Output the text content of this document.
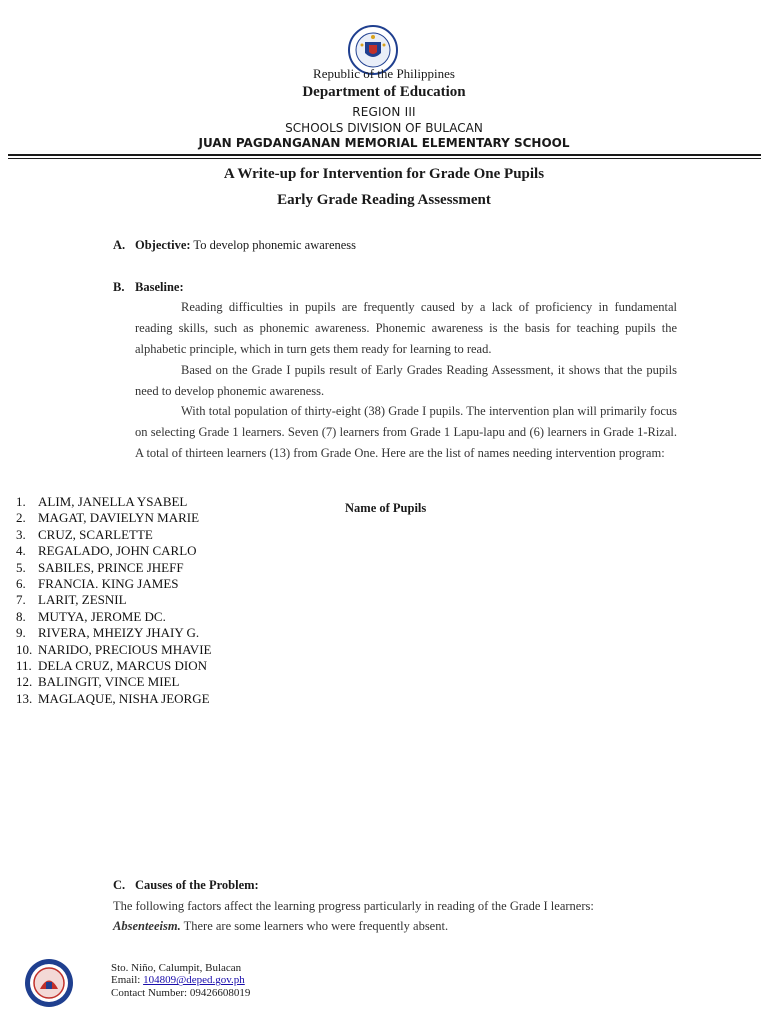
Republic of the Philippines
Department of Education
REGION III
SCHOOLS DIVISION OF BULACAN
JUAN PAGDANGANAN MEMORIAL ELEMENTARY SCHOOL
A Write-up for Intervention for Grade One Pupils
Early Grade Reading Assessment
A. Objective: To develop phonemic awareness
B. Baseline:
Reading difficulties in pupils are frequently caused by a lack of proficiency in fundamental reading skills, such as phonemic awareness. Phonemic awareness is the basis for teaching pupils the alphabetic principle, which in turn gets them ready for learning to read.
Based on the Grade I pupils result of Early Grades Reading Assessment, it shows that the pupils need to develop phonemic awareness.
With total population of thirty-eight (38) Grade I pupils. The intervention plan will primarily focus on selecting Grade 1 learners. Seven (7) learners from Grade 1 Lapu-lapu and (6) learners in Grade 1-Rizal. A total of thirteen learners (13) from Grade One. Here are the list of names needing intervention program:
1. ALIM, JANELLA YSABEL
2. MAGAT, DAVIELYN MARIE
3. CRUZ, SCARLETTE
4. REGALADO, JOHN CARLO
5. SABILES, PRINCE JHEFF
6. FRANCIA. KING JAMES
7. LARIT, ZESNIL
8. MUTYA, JEROME DC.
9. RIVERA, MHEIZY JHAIY G.
10. NARIDO, PRECIOUS MHAVIE
11. DELA CRUZ, MARCUS DION
12. BALINGIT, VINCE MIEL
13. MAGLAQUE, NISHA JEORGE
Name of Pupils
C. Causes of the Problem:
The following factors affect the learning progress particularly in reading of the Grade I learners:
Absenteeism. There are some learners who were frequently absent.
Sto. Niño, Calumpit, Bulacan
Email: 104809@deped.gov.ph
Contact Number: 09426608019
